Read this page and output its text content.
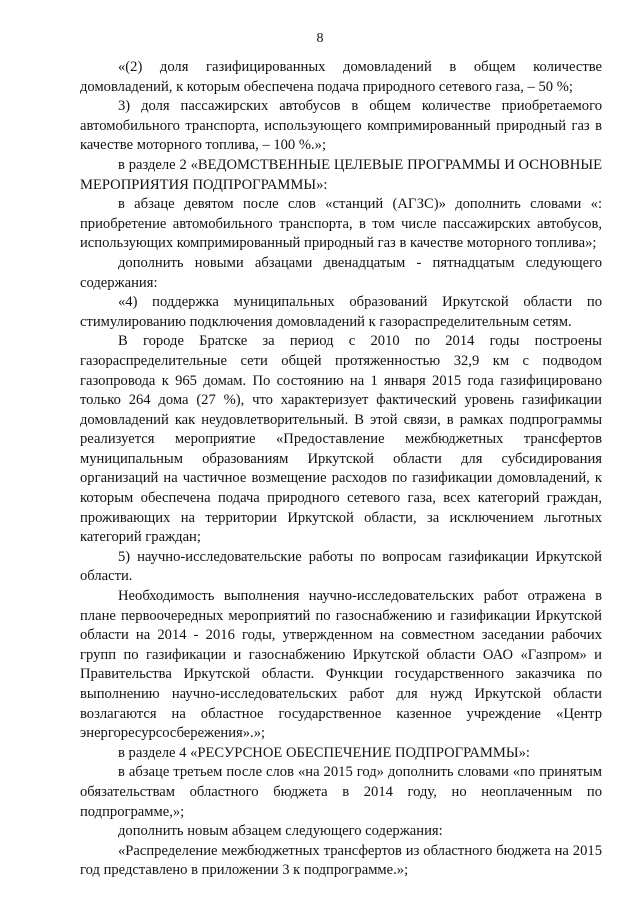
8

«(2) доля газифицированных домовладений в общем количестве домовладений, к которым обеспечена подача природного сетевого газа, – 50 %;

3) доля пассажирских автобусов в общем количестве приобретаемого автомобильного транспорта, использующего компримированный природный газ в качестве моторного топлива, – 100 %.»;

в разделе 2 «ВЕДОМСТВЕННЫЕ ЦЕЛЕВЫЕ ПРОГРАММЫ И ОСНОВНЫЕ МЕРОПРИЯТИЯ ПОДПРОГРАММЫ»:

в абзаце девятом после слов «станций (АГЗС)» дополнить словами «: приобретение автомобильного транспорта, в том числе пассажирских автобусов, использующих компримированный природный газ в качестве моторного топлива»;

дополнить новыми абзацами двенадцатым - пятнадцатым следующего содержания:

«4) поддержка муниципальных образований Иркутской области по стимулированию подключения домовладений к газораспределительным сетям.

В городе Братске за период с 2010 по 2014 годы построены газораспределительные сети общей протяженностью 32,9 км с подводом газопровода к 965 домам. По состоянию на 1 января 2015 года газифицировано только 264 дома (27 %), что характеризует фактический уровень газификации домовладений как неудовлетворительный. В этой связи, в рамках подпрограммы реализуется мероприятие «Предоставление межбюджетных трансфертов муниципальным образованиям Иркутской области для субсидирования организаций на частичное возмещение расходов по газификации домовладений, к которым обеспечена подача природного сетевого газа, всех категорий граждан, проживающих на территории Иркутской области, за исключением льготных категорий граждан;

5) научно-исследовательские работы по вопросам газификации Иркутской области.

Необходимость выполнения научно-исследовательских работ отражена в плане первоочередных мероприятий по газоснабжению и газификации Иркутской области на 2014 - 2016 годы, утвержденном на совместном заседании рабочих групп по газификации и газоснабжению Иркутской области ОАО «Газпром» и Правительства Иркутской области. Функции государственного заказчика по выполнению научно-исследовательских работ для нужд Иркутской области возлагаются на областное государственное казенное учреждение «Центр энергоресурсосбережения».»;

в разделе 4 «РЕСУРСНОЕ ОБЕСПЕЧЕНИЕ ПОДПРОГРАММЫ»:

в абзаце третьем после слов «на 2015 год» дополнить словами «по принятым обязательствам областного бюджета в 2014 году, но неоплаченным по подпрограмме,»;

дополнить новым абзацем следующего содержания:

«Распределение межбюджетных трансфертов из областного бюджета на 2015 год представлено в приложении 3 к подпрограмме.»;
